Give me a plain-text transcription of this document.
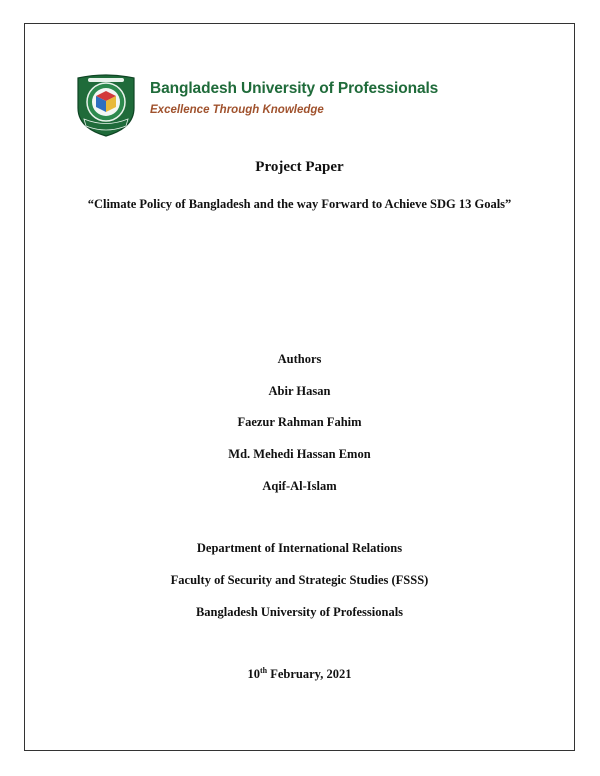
Bangladesh University of Professionals
Excellence Through Knowledge
Project Paper
“Climate Policy of Bangladesh and the way Forward to Achieve SDG 13 Goals”
Authors
Abir Hasan
Faezur Rahman Fahim
Md. Mehedi Hassan Emon
Aqif-Al-Islam
Department of International Relations
Faculty of Security and Strategic Studies (FSSS)
Bangladesh University of Professionals
10th February, 2021
